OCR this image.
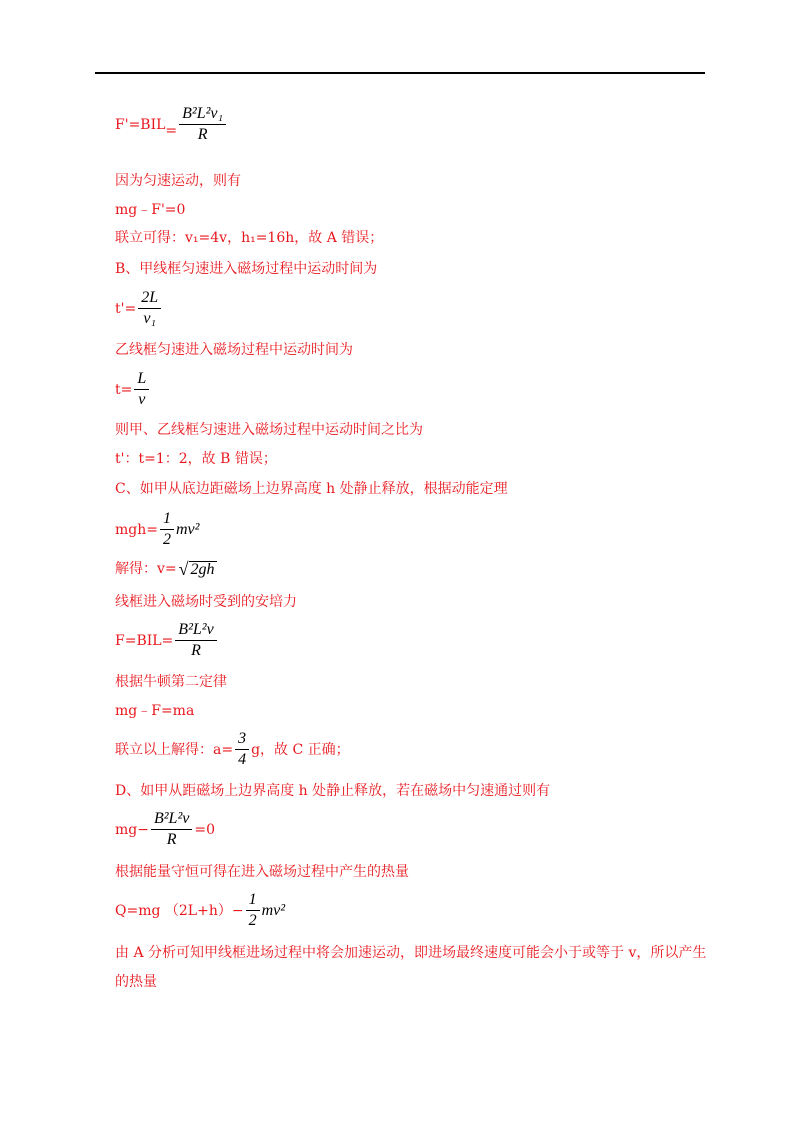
$F'=BIL = \frac{\text{B²L²v₁}}{R}$
因为匀速运动，则有
mg﹣F'=0
联立可得：v₁=4v，h₁=16h，故 A 错误；
B、甲线框匀速进入磁场过程中运动时间为
$t'= \frac{2L}{\text{v₁}}$
乙线框匀速进入磁场过程中运动时间为
$t= \frac{L}{v}$
则甲、乙线框匀速进入磁场过程中运动时间之比为
t'：t=1：2，故 B 错误；
C、如甲从底边距磁场上边界高度 h 处静止释放，根据动能定理
$mgh= \frac{1}{2} mv^2$
解得：v= √ 2gh
线框进入磁场时受到的安培力
$F=BIL= \frac{\text{B²L²v}}{R}$
根据牛顿第二定律
mg﹣F=ma
联立以上解得：$a= \frac{3}{4}$ g，故 C 正确；
D、如甲从距磁场上边界高度 h 处静止释放，若在磁场中匀速通过则有
$mg- \frac{\text{B²L²v}}{R} =0$
根据能量守恒可得在进入磁场过程中产生的热量
Q=mg $(2L+h)- \frac{1}{2} mv^2$
由 A 分析可知甲线框进场过程中将会加速运动，即进场最终速度可能会小于或等于 v，所以产生
的热量
